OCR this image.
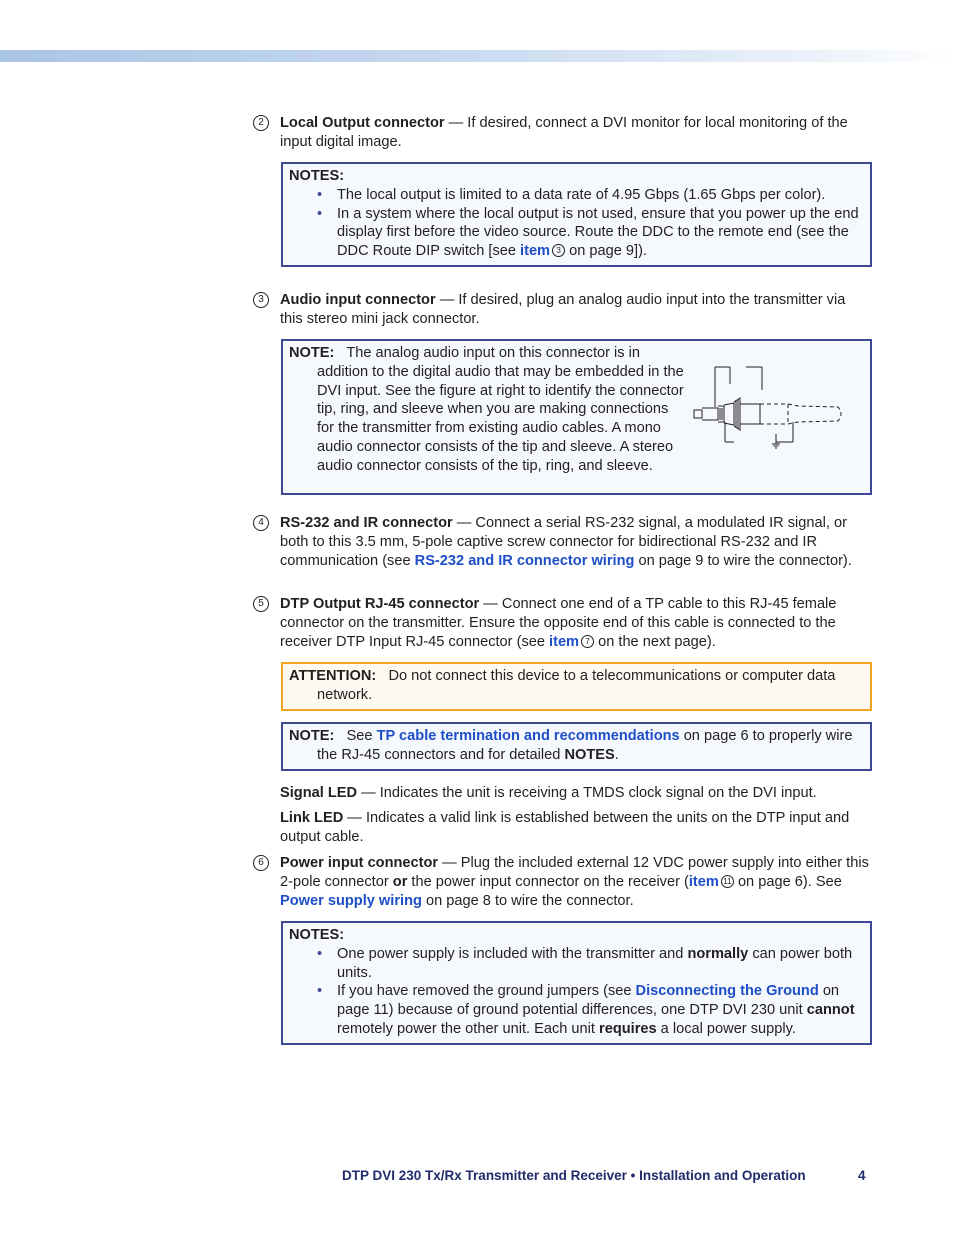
2	Local Output connector — If desired, connect a DVI monitor for local monitoring of the input digital image.

NOTES:

• The local output is limited to a data rate of 4.95 Gbps (1.65 Gbps per color).

• In a system where the local output is not used, ensure that you power up the end display first before the video source. Route the DDC to the remote end (see the DDC Route DIP switch [see item 3 on page 9]).

3	Audio input connector — If desired, plug an analog audio input into the transmitter via this stereo mini jack connector.

NOTE: The analog audio input on this connector is in addition to the digital audio that may be embedded in the DVI input. See the figure at right to identify the connector tip, ring, and sleeve when you are making connections for the transmitter from existing audio cables. A mono audio connector consists of the tip and sleeve. A stereo audio connector consists of the tip, ring, and sleeve.

4	RS-232 and IR connector — Connect a serial RS-232 signal, a modulated IR signal, or both to this 3.5 mm, 5-pole captive screw connector for bidirectional RS-232 and IR communication (see RS-232 and IR connector wiring on page 9 to wire the connector).
5	DTP Output RJ-45 connector — Connect one end of a TP cable to this RJ-45 female connector on the transmitter. Ensure the opposite end of this cable is connected to the receiver DTP Input RJ-45 connector (see item 7 on the next page).

ATTENTION: Do not connect this device to a telecommunications or computer data network.

NOTE: See TP cable termination and recommendations on page 6 to properly wire the RJ-45 connectors and for detailed NOTES.

Signal LED — Indicates the unit is receiving a TMDS clock signal on the DVI input.
Link LED — Indicates a valid link is established between the units on the DTP input and output cable.
6	Power input connector — Plug the included external 12 VDC power supply into either this 2-pole connector or the power input connector on the receiver (item 11 on page 6). See Power supply wiring on page 8 to wire the connector.

NOTES:

• One power supply is included with the transmitter and normally can power both units.

• If you have removed the ground jumpers (see Disconnecting the Ground on page 11) because of ground potential differences, one DTP DVI 230 unit cannot remotely power the other unit. Each unit requires a local power supply.

DTP DVI 230 Tx/Rx Transmitter and Receiver • Installation and Operation	4
